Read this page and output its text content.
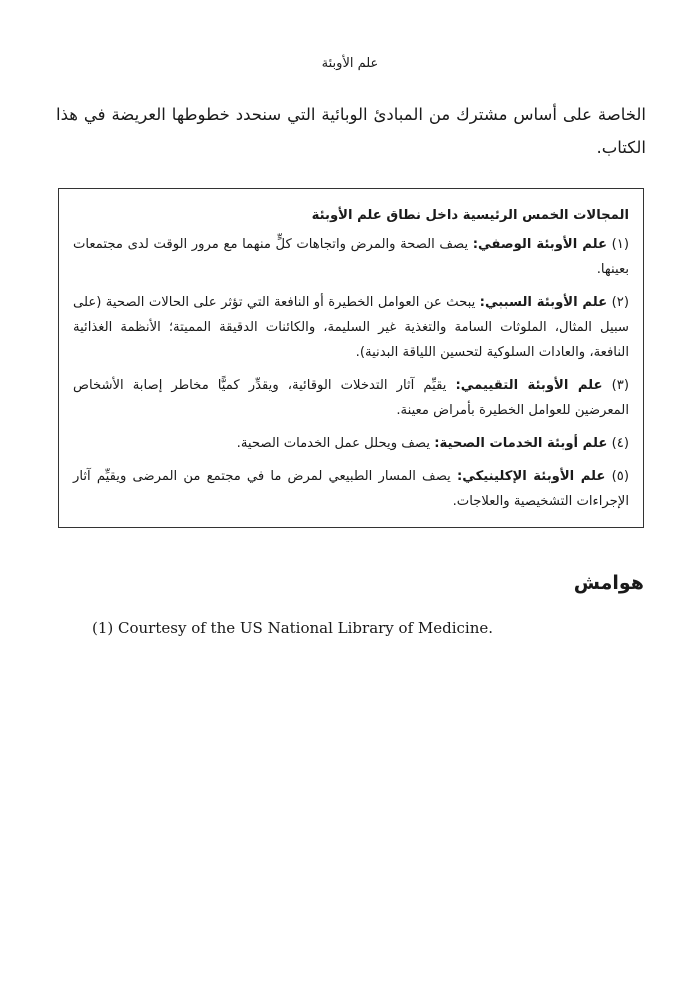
علم الأوبئة

الخاصة على أساس مشترك من المبادئ الوبائية التي سنحدد خطوطها العريضة في هذا الكتاب.

المجالات الخمس الرئيسية داخل نطاق علم الأوبئة

(١) علم الأوبئة الوصفي: يصف الصحة والمرض واتجاهات كلٍّ منهما مع مرور الوقت لدى مجتمعات بعينها.

(٢) علم الأوبئة السببي: يبحث عن العوامل الخطيرة أو النافعة التي تؤثر على الحالات الصحية (على سبيل المثال، الملوثات السامة والتغذية غير السليمة، والكائنات الدقيقة المميتة؛ الأنظمة الغذائية النافعة، والعادات السلوكية لتحسين اللياقة البدنية).

(٣) علم الأوبئة التقييمي: يقيِّم آثار التدخلات الوقائية، ويقدِّر كميًّا مخاطر إصابة الأشخاص المعرضين للعوامل الخطيرة بأمراض معينة.

(٤) علم أوبئة الخدمات الصحية: يصف ويحلل عمل الخدمات الصحية.

(٥) علم الأوبئة الإكلينيكي: يصف المسار الطبيعي لمرض ما في مجتمع من المرضى ويقيِّم آثار الإجراءات التشخيصية والعلاجات.

هوامش

(1) Courtesy of the US National Library of Medicine.
